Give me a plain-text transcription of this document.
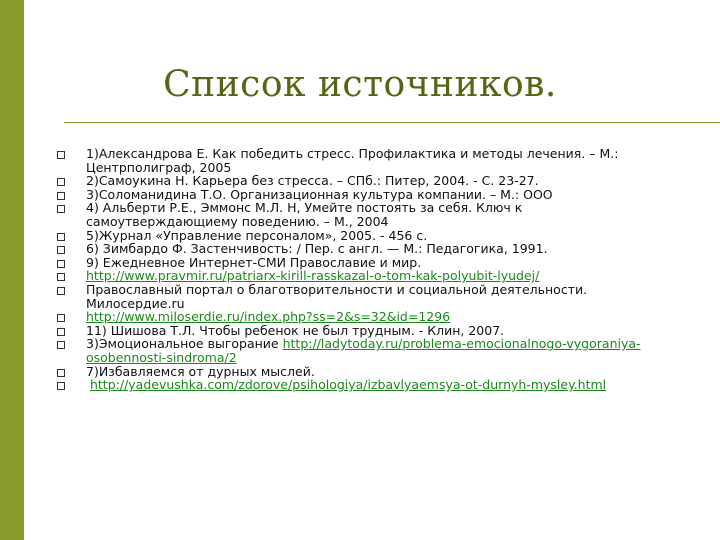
Список источников.
1)Александрова Е. Как победить стресс. Профилактика и методы лечения. – М.: Центрполиграф, 2005
2)Самоукина Н. Карьера без стресса. – СПб.: Питер, 2004. - С. 23-27.
3)Соломанидина Т.О. Организационная культура компании. – М.: ООО
4) Альберти Р.Е., Эммонс М.Л. Н, Умейте постоять за себя. Ключ к самоутверждающиему поведению. – М., 2004
5)Журнал «Управление персоналом», 2005. - 456 с.
6) Зимбардо Ф. Застенчивость: / Пер. с англ. — М.: Педагогика, 1991.
9) Ежедневное Интернет-СМИ Православие и мир.
http://www.pravmir.ru/patriarx-kirill-rasskazal-o-tom-kak-polyubit-lyudej/
Православный портал о благотворительности и социальной деятельности. Милосердие.ru
http://www.miloserdie.ru/index.php?ss=2&s=32&id=1296
11) Шишова Т.Л. Чтобы ребенок не был трудным. - Клин, 2007.
3)Эмоциональное выгорание http://ladytoday.ru/problema-emocionalnogo-vygoraniya-osobennosti-sindroma/2
7)Избавляемся от дурных мыслей.
http://yadevushka.com/zdorove/psihologiya/izbavlyaemsya-ot-durnyh-mysley.html
